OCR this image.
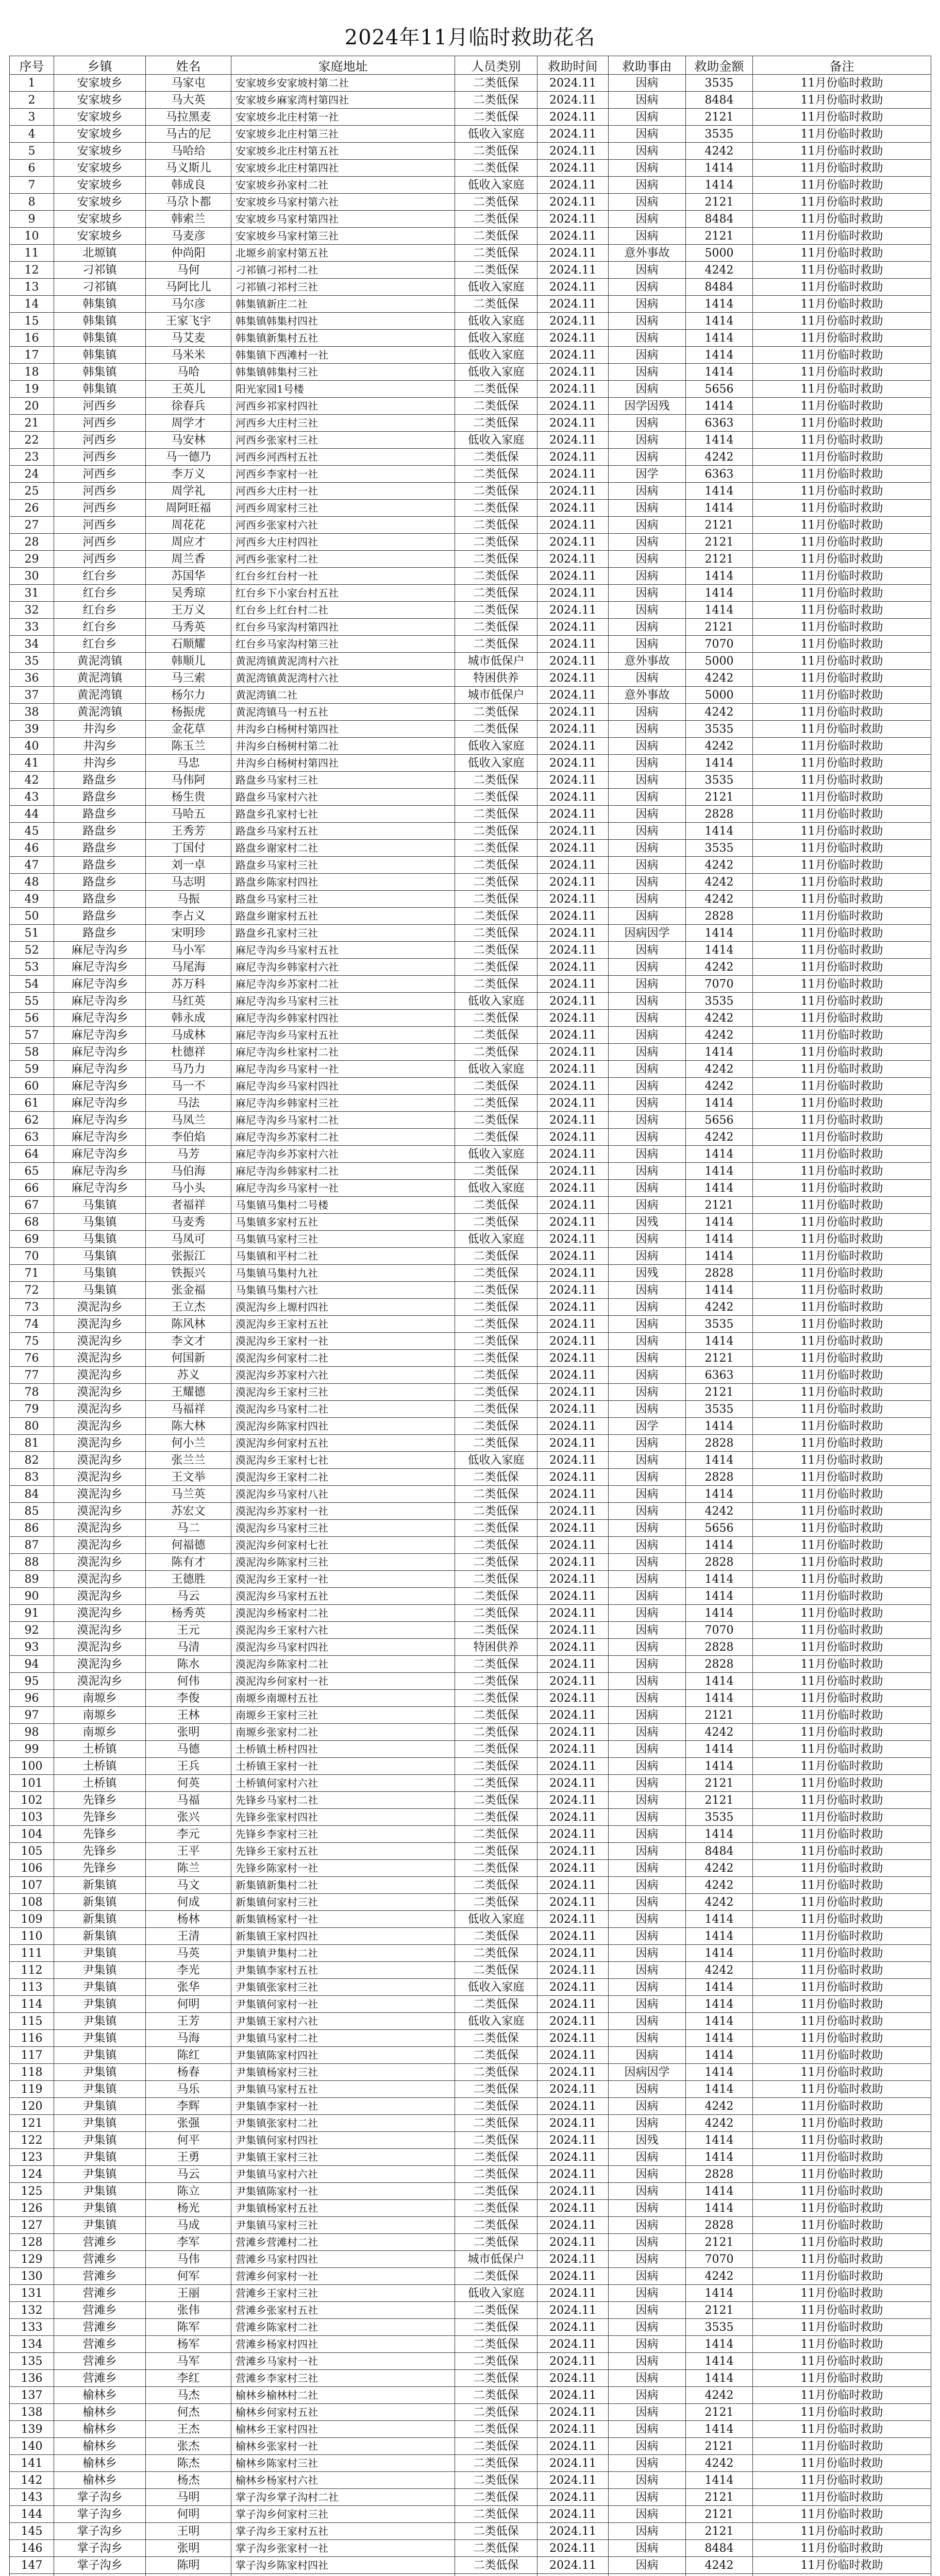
2024年11月临时救助花名
序号	乡镇	姓名	家庭地址	人员类别	救助时间	救助事由	救助金额	备注
1	安家坡乡	马家屯	安家坡乡安家坡村第二社	二类低保	2024.11	因病	3535	11月份临时救助
2	安家坡乡	马大英	安家坡乡麻家湾村第四社	二类低保	2024.11	因病	8484	11月份临时救助
3	安家坡乡	马拉黑麦	安家坡乡北庄村第一社	二类低保	2024.11	因病	2121	11月份临时救助
4	安家坡乡	马古的尼	安家坡乡北庄村第三社	低收入家庭	2024.11	因病	3535	11月份临时救助
5	安家坡乡	马哈给	安家坡乡北庄村第五社	二类低保	2024.11	因病	4242	11月份临时救助
6	安家坡乡	马义斯儿	安家坡乡北庄村第四社	二类低保	2024.11	因病	1414	11月份临时救助
7	安家坡乡	韩成良	安家坡乡孙家村二社	低收入家庭	2024.11	因病	1414	11月份临时救助
8	安家坡乡	马尕卜都	安家坡乡马家村第六社	二类低保	2024.11	因病	2121	11月份临时救助
9	安家坡乡	韩索兰	安家坡乡马家村第四社	二类低保	2024.11	因病	8484	11月份临时救助
10	安家坡乡	马麦彦	安家坡乡马家村第三社	二类低保	2024.11	因病	2121	11月份临时救助
11	北塬镇	仲尚阳	北塬乡前家村第五社	二类低保	2024.11	意外事故	5000	11月份临时救助
12	刁祁镇	马何	刁祁镇刁祁村二社	二类低保	2024.11	因病	4242	11月份临时救助
13	刁祁镇	马阿比儿	刁祁镇刁祁村三社	低收入家庭	2024.11	因病	8484	11月份临时救助
14	韩集镇	马尔彦	韩集镇新庄二社	二类低保	2024.11	因病	1414	11月份临时救助
15	韩集镇	王家飞宇	韩集镇韩集村四社	低收入家庭	2024.11	因病	1414	11月份临时救助
16	韩集镇	马艾麦	韩集镇新集村五社	低收入家庭	2024.11	因病	1414	11月份临时救助
17	韩集镇	马米米	韩集镇下西滩村一社	低收入家庭	2024.11	因病	1414	11月份临时救助
18	韩集镇	马哈	韩集镇韩集村三社	低收入家庭	2024.11	因病	1414	11月份临时救助
19	韩集镇	王英儿	阳光家园1号楼	二类低保	2024.11	因病	5656	11月份临时救助
20	河西乡	徐春兵	河西乡祁家村四社	二类低保	2024.11	因学因残	1414	11月份临时救助
21	河西乡	周学才	河西乡大庄村三社	二类低保	2024.11	因病	6363	11月份临时救助
22	河西乡	马安林	河西乡张家村三社	低收入家庭	2024.11	因病	1414	11月份临时救助
23	河西乡	马一德乃	河西乡河西村五社	二类低保	2024.11	因病	4242	11月份临时救助
24	河西乡	李万义	河西乡李家村一社	二类低保	2024.11	因学	6363	11月份临时救助
25	河西乡	周学礼	河西乡大庄村一社	二类低保	2024.11	因病	1414	11月份临时救助
26	河西乡	周阿旺福	河西乡周家村三社	二类低保	2024.11	因病	1414	11月份临时救助
27	河西乡	周花花	河西乡张家村六社	二类低保	2024.11	因病	2121	11月份临时救助
28	河西乡	周应才	河西乡大庄村四社	二类低保	2024.11	因病	2121	11月份临时救助
29	河西乡	周兰香	河西乡张家村二社	二类低保	2024.11	因病	2121	11月份临时救助
30	红台乡	苏国华	红台乡红台村一社	二类低保	2024.11	因病	1414	11月份临时救助
31	红台乡	吴秀琼	红台乡下小家台村五社	二类低保	2024.11	因病	1414	11月份临时救助
32	红台乡	王万义	红台乡上红台村二社	二类低保	2024.11	因病	1414	11月份临时救助
33	红台乡	马秀英	红台乡马家沟村第四社	二类低保	2024.11	因病	2121	11月份临时救助
34	红台乡	石顺耀	红台乡马家沟村第三社	二类低保	2024.11	因病	7070	11月份临时救助
35	黄泥湾镇	韩顺儿	黄泥湾镇黄泥湾村六社	城市低保户	2024.11	意外事故	5000	11月份临时救助
36	黄泥湾镇	马三索	黄泥湾镇黄泥湾村六社	特困供养	2024.11	因病	4242	11月份临时救助
37	黄泥湾镇	杨尔力	黄泥湾镇二社	城市低保户	2024.11	意外事故	5000	11月份临时救助
38	黄泥湾镇	杨振虎	黄泥湾镇马一村五社	二类低保	2024.11	因病	4242	11月份临时救助
39	井沟乡	金花草	井沟乡白杨树村第四社	二类低保	2024.11	因病	3535	11月份临时救助
40	井沟乡	陈玉兰	井沟乡白杨树村第二社	低收入家庭	2024.11	因病	4242	11月份临时救助
41	井沟乡	马忠	井沟乡白杨树村第四社	低收入家庭	2024.11	因病	1414	11月份临时救助
42	路盘乡	马伟阿	路盘乡马家村三社	二类低保	2024.11	因病	3535	11月份临时救助
43	路盘乡	杨生贵	路盘乡马家村六社	二类低保	2024.11	因病	2121	11月份临时救助
44	路盘乡	马哈五	路盘乡孔家村七社	二类低保	2024.11	因病	2828	11月份临时救助
45	路盘乡	王秀芳	路盘乡马家村五社	二类低保	2024.11	因病	1414	11月份临时救助
46	路盘乡	丁国付	路盘乡谢家村二社	二类低保	2024.11	因病	3535	11月份临时救助
47	路盘乡	刘一卓	路盘乡马家村三社	二类低保	2024.11	因病	4242	11月份临时救助
48	路盘乡	马志明	路盘乡陈家村四社	二类低保	2024.11	因病	4242	11月份临时救助
49	路盘乡	马振	路盘乡马家村三社	二类低保	2024.11	因病	4242	11月份临时救助
50	路盘乡	李占义	路盘乡谢家村五社	二类低保	2024.11	因病	2828	11月份临时救助
51	路盘乡	宋明珍	路盘乡孔家村三社	二类低保	2024.11	因病因学	1414	11月份临时救助
52	麻尼寺沟乡	马小军	麻尼寺沟乡马家村五社	二类低保	2024.11	因病	1414	11月份临时救助
53	麻尼寺沟乡	马尾海	麻尼寺沟乡韩家村六社	二类低保	2024.11	因病	4242	11月份临时救助
54	麻尼寺沟乡	苏万科	麻尼寺沟乡苏家村二社	二类低保	2024.11	因病	7070	11月份临时救助
55	麻尼寺沟乡	马红英	麻尼寺沟乡马家村三社	低收入家庭	2024.11	因病	3535	11月份临时救助
56	麻尼寺沟乡	韩永成	麻尼寺沟乡韩家村四社	二类低保	2024.11	因病	4242	11月份临时救助
57	麻尼寺沟乡	马成林	麻尼寺沟乡马家村五社	二类低保	2024.11	因病	4242	11月份临时救助
58	麻尼寺沟乡	杜德祥	麻尼寺沟乡杜家村二社	二类低保	2024.11	因病	1414	11月份临时救助
59	麻尼寺沟乡	马乃力	麻尼寺沟乡马家村一社	低收入家庭	2024.11	因病	4242	11月份临时救助
60	麻尼寺沟乡	马一不	麻尼寺沟乡马家村四社	二类低保	2024.11	因病	4242	11月份临时救助
61	麻尼寺沟乡	马法	麻尼寺沟乡韩家村三社	二类低保	2024.11	因病	1414	11月份临时救助
62	麻尼寺沟乡	马凤兰	麻尼寺沟乡马家村二社	二类低保	2024.11	因病	5656	11月份临时救助
63	麻尼寺沟乡	李伯焰	麻尼寺沟乡苏家村二社	二类低保	2024.11	因病	4242	11月份临时救助
64	麻尼寺沟乡	马芳	麻尼寺沟乡苏家村六社	低收入家庭	2024.11	因病	1414	11月份临时救助
65	麻尼寺沟乡	马伯海	麻尼寺沟乡韩家村二社	二类低保	2024.11	因病	1414	11月份临时救助
66	麻尼寺沟乡	马小头	麻尼寺沟乡马家村一社	低收入家庭	2024.11	因病	1414	11月份临时救助
67	马集镇	者福祥	马集镇马集村二号楼	二类低保	2024.11	因病	2121	11月份临时救助
68	马集镇	马麦秀	马集镇多家村五社	二类低保	2024.11	因残	1414	11月份临时救助
69	马集镇	马凤可	马集镇马家村三社	低收入家庭	2024.11	因病	1414	11月份临时救助
70	马集镇	张振江	马集镇和平村二社	二类低保	2024.11	因病	1414	11月份临时救助
71	马集镇	铁振兴	马集镇马集村九社	二类低保	2024.11	因残	2828	11月份临时救助
72	马集镇	张金福	马集镇马集村六社	二类低保	2024.11	因病	1414	11月份临时救助
73	漠泥沟乡	王立杰	漠泥沟乡上塬村四社	二类低保	2024.11	因病	4242	11月份临时救助
74	漠泥沟乡	陈风林	漠泥沟乡王家村五社	二类低保	2024.11	因病	3535	11月份临时救助
75	漠泥沟乡	李文才	漠泥沟乡王家村一社	二类低保	2024.11	因病	1414	11月份临时救助
76	漠泥沟乡	何国新	漠泥沟乡何家村二社	二类低保	2024.11	因病	2121	11月份临时救助
77	漠泥沟乡	苏义	漠泥沟乡苏家村六社	二类低保	2024.11	因病	6363	11月份临时救助
78	漠泥沟乡	王耀德	漠泥沟乡王家村三社	二类低保	2024.11	因病	2121	11月份临时救助
79	漠泥沟乡	马福祥	漠泥沟乡马家村二社	二类低保	2024.11	因病	3535	11月份临时救助
80	漠泥沟乡	陈大林	漠泥沟乡陈家村四社	二类低保	2024.11	因学	1414	11月份临时救助
81	漠泥沟乡	何小兰	漠泥沟乡何家村五社	二类低保	2024.11	因病	2828	11月份临时救助
82	漠泥沟乡	张兰兰	漠泥沟乡王家村七社	低收入家庭	2024.11	因病	1414	11月份临时救助
83	漠泥沟乡	王文举	漠泥沟乡王家村二社	二类低保	2024.11	因病	2828	11月份临时救助
84	漠泥沟乡	马兰英	漠泥沟乡马家村八社	二类低保	2024.11	因病	1414	11月份临时救助
85	漠泥沟乡	苏宏文	漠泥沟乡苏家村一社	二类低保	2024.11	因病	4242	11月份临时救助
86	漠泥沟乡	马二	漠泥沟乡马家村三社	二类低保	2024.11	因病	5656	11月份临时救助
87	漠泥沟乡	何福德	漠泥沟乡何家村七社	二类低保	2024.11	因病	1414	11月份临时救助
88	漠泥沟乡	陈有才	漠泥沟乡陈家村三社	二类低保	2024.11	因病	2828	11月份临时救助
89	漠泥沟乡	王德胜	漠泥沟乡王家村一社	二类低保	2024.11	因病	1414	11月份临时救助
90	漠泥沟乡	马云	漠泥沟乡马家村五社	二类低保	2024.11	因病	1414	11月份临时救助
91	漠泥沟乡	杨秀英	漠泥沟乡杨家村二社	二类低保	2024.11	因病	1414	11月份临时救助
92	漠泥沟乡	王元	漠泥沟乡王家村六社	二类低保	2024.11	因病	7070	11月份临时救助
93	漠泥沟乡	马清	漠泥沟乡马家村四社	特困供养	2024.11	因病	2828	11月份临时救助
94	漠泥沟乡	陈水	漠泥沟乡陈家村二社	二类低保	2024.11	因病	2828	11月份临时救助
95	漠泥沟乡	何伟	漠泥沟乡何家村一社	二类低保	2024.11	因病	1414	11月份临时救助
96	南塬乡	李俊	南塬乡南塬村五社	二类低保	2024.11	因病	1414	11月份临时救助
97	南塬乡	王林	南塬乡王家村三社	二类低保	2024.11	因病	2121	11月份临时救助
98	南塬乡	张明	南塬乡张家村二社	二类低保	2024.11	因病	4242	11月份临时救助
99	土桥镇	马德	土桥镇土桥村四社	二类低保	2024.11	因病	1414	11月份临时救助
100	土桥镇	王兵	土桥镇王家村一社	二类低保	2024.11	因病	1414	11月份临时救助
101	土桥镇	何英	土桥镇何家村六社	二类低保	2024.11	因病	2121	11月份临时救助
102	先锋乡	马福	先锋乡马家村二社	二类低保	2024.11	因病	2121	11月份临时救助
103	先锋乡	张兴	先锋乡张家村四社	二类低保	2024.11	因病	3535	11月份临时救助
104	先锋乡	李元	先锋乡李家村三社	二类低保	2024.11	因病	1414	11月份临时救助
105	先锋乡	王平	先锋乡王家村五社	二类低保	2024.11	因病	8484	11月份临时救助
106	先锋乡	陈兰	先锋乡陈家村一社	二类低保	2024.11	因病	4242	11月份临时救助
107	新集镇	马文	新集镇新集村二社	二类低保	2024.11	因病	4242	11月份临时救助
108	新集镇	何成	新集镇何家村三社	二类低保	2024.11	因病	4242	11月份临时救助
109	新集镇	杨林	新集镇杨家村一社	低收入家庭	2024.11	因病	1414	11月份临时救助
110	新集镇	王清	新集镇王家村四社	二类低保	2024.11	因病	1414	11月份临时救助
111	尹集镇	马英	尹集镇尹集村二社	二类低保	2024.11	因病	1414	11月份临时救助
112	尹集镇	李光	尹集镇李家村五社	二类低保	2024.11	因病	4242	11月份临时救助
113	尹集镇	张华	尹集镇张家村三社	低收入家庭	2024.11	因病	1414	11月份临时救助
114	尹集镇	何明	尹集镇何家村一社	二类低保	2024.11	因病	1414	11月份临时救助
115	尹集镇	王芳	尹集镇王家村六社	低收入家庭	2024.11	因病	1414	11月份临时救助
116	尹集镇	马海	尹集镇马家村二社	二类低保	2024.11	因病	1414	11月份临时救助
117	尹集镇	陈红	尹集镇陈家村四社	二类低保	2024.11	因病	1414	11月份临时救助
118	尹集镇	杨春	尹集镇杨家村三社	二类低保	2024.11	因病因学	1414	11月份临时救助
119	尹集镇	马乐	尹集镇马家村五社	二类低保	2024.11	因病	1414	11月份临时救助
120	尹集镇	李辉	尹集镇李家村一社	二类低保	2024.11	因病	4242	11月份临时救助
121	尹集镇	张强	尹集镇张家村二社	二类低保	2024.11	因病	4242	11月份临时救助
122	尹集镇	何平	尹集镇何家村四社	二类低保	2024.11	因残	1414	11月份临时救助
123	尹集镇	王勇	尹集镇王家村三社	二类低保	2024.11	因病	1414	11月份临时救助
124	尹集镇	马云	尹集镇马家村六社	二类低保	2024.11	因病	2828	11月份临时救助
125	尹集镇	陈立	尹集镇陈家村一社	二类低保	2024.11	因病	1414	11月份临时救助
126	尹集镇	杨光	尹集镇杨家村五社	二类低保	2024.11	因病	1414	11月份临时救助
127	尹集镇	马成	尹集镇马家村三社	二类低保	2024.11	因病	2828	11月份临时救助
128	营滩乡	李军	营滩乡营滩村二社	二类低保	2024.11	因病	2121	11月份临时救助
129	营滩乡	马伟	营滩乡马家村四社	城市低保户	2024.11	因病	7070	11月份临时救助
130	营滩乡	何军	营滩乡何家村一社	二类低保	2024.11	因病	4242	11月份临时救助
131	营滩乡	王丽	营滩乡王家村三社	低收入家庭	2024.11	因病	1414	11月份临时救助
132	营滩乡	张伟	营滩乡张家村五社	二类低保	2024.11	因病	2121	11月份临时救助
133	营滩乡	陈军	营滩乡陈家村二社	二类低保	2024.11	因病	3535	11月份临时救助
134	营滩乡	杨军	营滩乡杨家村四社	二类低保	2024.11	因病	1414	11月份临时救助
135	营滩乡	马军	营滩乡马家村一社	二类低保	2024.11	因病	1414	11月份临时救助
136	营滩乡	李红	营滩乡李家村三社	二类低保	2024.11	因病	1414	11月份临时救助
137	榆林乡	马杰	榆林乡榆林村二社	二类低保	2024.11	因病	4242	11月份临时救助
138	榆林乡	何杰	榆林乡何家村五社	二类低保	2024.11	因病	2121	11月份临时救助
139	榆林乡	王杰	榆林乡王家村四社	二类低保	2024.11	因病	1414	11月份临时救助
140	榆林乡	张杰	榆林乡张家村一社	二类低保	2024.11	因病	2121	11月份临时救助
141	榆林乡	陈杰	榆林乡陈家村三社	二类低保	2024.11	因病	4242	11月份临时救助
142	榆林乡	杨杰	榆林乡杨家村六社	二类低保	2024.11	因病	1414	11月份临时救助
143	掌子沟乡	马明	掌子沟乡掌子沟村二社	二类低保	2024.11	因病	2121	11月份临时救助
144	掌子沟乡	何明	掌子沟乡何家村三社	二类低保	2024.11	因病	2121	11月份临时救助
145	掌子沟乡	王明	掌子沟乡王家村五社	二类低保	2024.11	因病	2121	11月份临时救助
146	掌子沟乡	张明	掌子沟乡张家村一社	二类低保	2024.11	因病	8484	11月份临时救助
147	掌子沟乡	陈明	掌子沟乡陈家村四社	二类低保	2024.11	因病	4242	11月份临时救助
